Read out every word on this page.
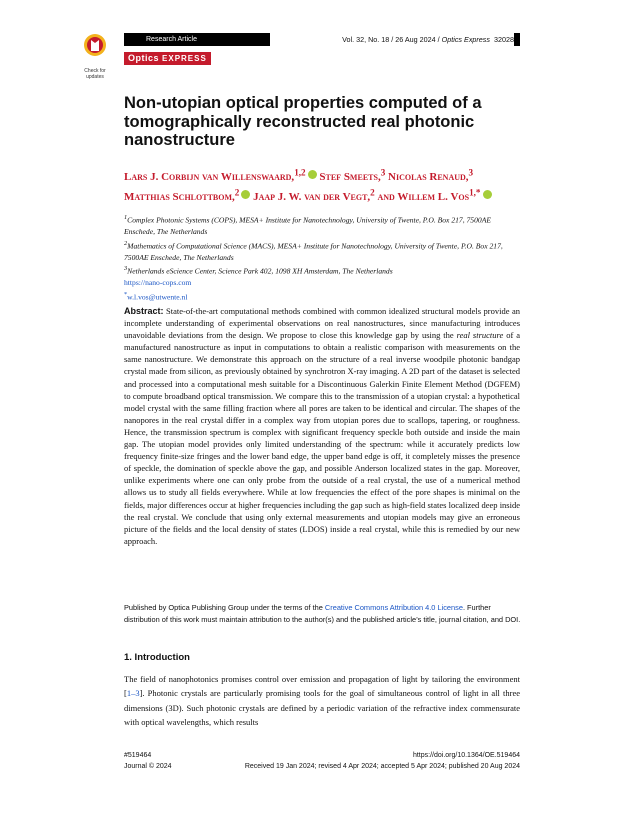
Check for updates
Research Article	Vol. 32, No. 18 / 26 Aug 2024 / Optics Express 32028
Optics EXPRESS
Non-utopian optical properties computed of a tomographically reconstructed real photonic nanostructure
Lars J. Corbijn van Willenswaard,$^{1,2}$ Stef Smeets,$^3$ Nicolas Renaud,$^3$ Matthias Schlottbom,$^2$ Jaap J. W. van der Vegt,$^2$ and Willem L. Vos$^{1,*}$

$^1$Complex Photonic Systems (COPS), MESA+ Institute for Nanotechnology, University of Twente, P.O. Box 217, 7500AE Enschede, The Netherlands

$^2$Mathematics of Computational Science (MACS), MESA+ Institute for Nanotechnology, University of Twente, P.O. Box 217, 7500AE Enschede, The Netherlands

$^3$Netherlands eScience Center, Science Park 402, 1098 XH Amsterdam, The Netherlands

https://nano-cops.com

*w.l.vos@utwente.nl

Abstract: State-of-the-art computational methods combined with common idealized structural models provide an incomplete understanding of experimental observations on real nanostructures, since manufacturing introduces unavoidable deviations from the design. We propose to close this knowledge gap by using the real structure of a manufactured nanostructure as input in computations to obtain a realistic comparison with measurements on the same nanostructure. We demonstrate this approach on the structure of a real inverse woodpile photonic bandgap crystal made from silicon, as previously obtained by synchrotron X-ray imaging. A 2D part of the dataset is selected and processed into a computational mesh suitable for a Discontinuous Galerkin Finite Element Method (DGFEM) to compute broadband optical transmission. We compare this to the transmission of a utopian crystal: a hypothetical model crystal with the same filling fraction where all pores are taken to be identical and circular. The shapes of the nanopores in the real crystal differ in a complex way from utopian pores due to scallops, tapering, or roughness. Hence, the transmission spectrum is complex with significant frequency speckle both outside and inside the main gap. The utopian model provides only limited understanding of the spectrum: while it accurately predicts low frequency finite-size fringes and the lower band edge, the upper band edge is off, it completely misses the presence of speckle, the domination of speckle above the gap, and possible Anderson localized states in the gap. Moreover, unlike experiments where one can only probe from the outside of a real crystal, the use of a numerical method allows us to study all fields everywhere. While at low frequencies the effect of the pore shapes is minimal on the fields, major differences occur at higher frequencies including the gap such as high-field states localized deep inside the real crystal. We conclude that using only external measurements and utopian models may give an erroneous picture of the fields and the local density of states (LDOS) inside a real crystal, while this is remedied by our new approach.
Published by Optica Publishing Group under the terms of the Creative Commons Attribution 4.0 License. Further distribution of this work must maintain attribution to the author(s) and the published article’s title, journal citation, and DOI.
1. Introduction
The field of nanophotonics promises control over emission and propagation of light by tailoring the environment [1–3]. Photonic crystals are particularly promising tools for the goal of simultaneous control of light in all three dimensions (3D). Such photonic crystals are defined by a periodic variation of the refractive index commensurate with optical wavelengths, which results
#519464	https://doi.org/10.1364/OE.519464
Journal © 2024	Received 19 Jan 2024; revised 4 Apr 2024; accepted 5 Apr 2024; published 20 Aug 2024
